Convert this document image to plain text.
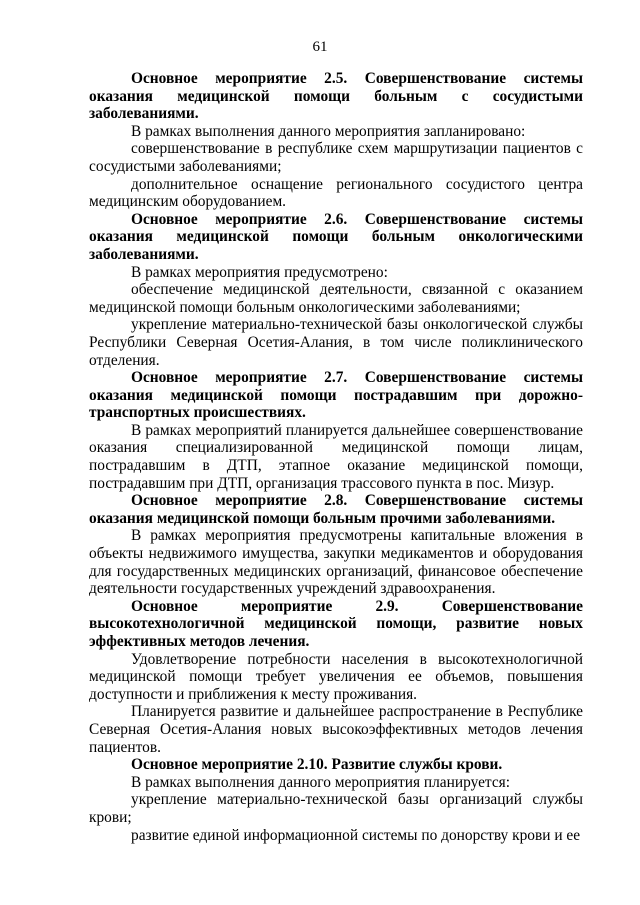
61

Основное мероприятие 2.5. Совершенствование системы оказания медицинской помощи больным с сосудистыми заболеваниями.

В рамках выполнения данного мероприятия запланировано:

совершенствование в республике схем маршрутизации пациентов с сосудистыми заболеваниями;

дополнительное оснащение регионального сосудистого центра медицинским оборудованием.

Основное мероприятие 2.6. Совершенствование системы оказания медицинской помощи больным онкологическими заболеваниями.

В рамках мероприятия предусмотрено:

обеспечение медицинской деятельности, связанной с оказанием медицинской помощи больным онкологическими заболеваниями;

укрепление материально-технической базы онкологической службы Республики Северная Осетия-Алания, в том числе поликлинического отделения.

Основное мероприятие 2.7. Совершенствование системы оказания медицинской помощи пострадавшим при дорожно-транспортных происшествиях.

В рамках мероприятий планируется дальнейшее совершенствование оказания специализированной медицинской помощи лицам, пострадавшим в ДТП, этапное оказание медицинской помощи, пострадавшим при ДТП, организация трассового пункта в пос. Мизур.

Основное мероприятие 2.8. Совершенствование системы оказания медицинской помощи больным прочими заболеваниями.

В рамках мероприятия предусмотрены капитальные вложения в объекты недвижимого имущества, закупки медикаментов и оборудования для государственных медицинских организаций, финансовое обеспечение деятельности государственных учреждений здравоохранения.

Основное мероприятие 2.9. Совершенствование высокотехнологичной медицинской помощи, развитие новых эффективных методов лечения.

Удовлетворение потребности населения в высокотехнологичной медицинской помощи требует увеличения ее объемов, повышения доступности и приближения к месту проживания.

Планируется развитие и дальнейшее распространение в Республике Северная Осетия-Алания новых высокоэффективных методов лечения пациентов.

Основное мероприятие 2.10. Развитие службы крови.

В рамках выполнения данного мероприятия планируется:

укрепление материально-технической базы организаций службы крови;

развитие единой информационной системы по донорству крови и ее
